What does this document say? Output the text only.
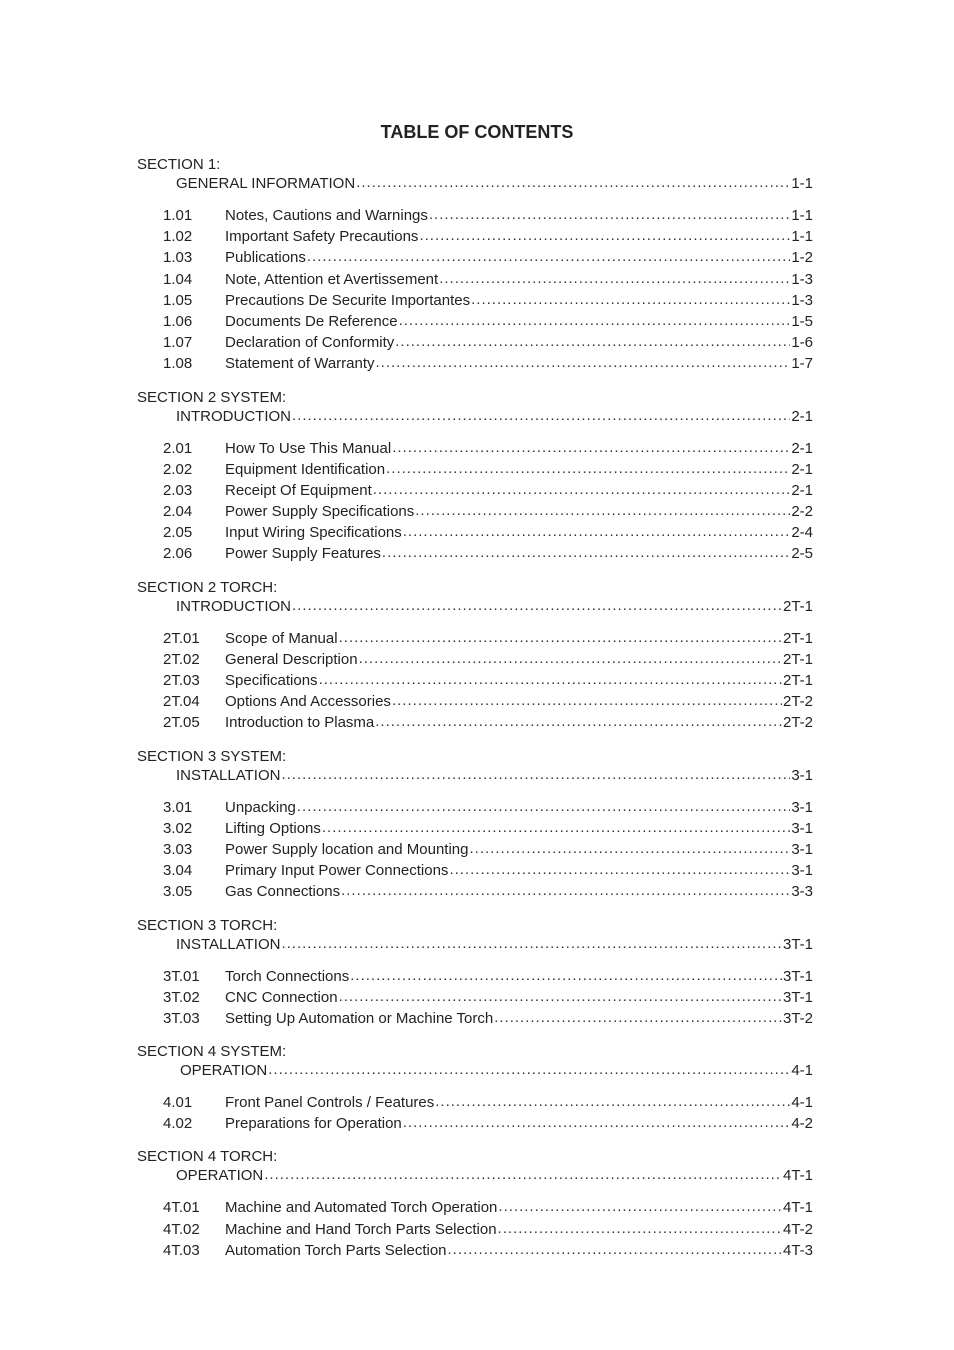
TABLE OF CONTENTS
SECTION 1:
GENERAL INFORMATION .....	1-1
1.01	Notes, Cautions and Warnings .....	1-1
1.02	Important Safety Precautions .....	1-1
1.03	Publications .....	1-2
1.04	Note, Attention et Avertissement .....	1-3
1.05	Precautions De Securite Importantes .....	1-3
1.06	Documents De Reference .....	1-5
1.07	Declaration of Conformity .....	1-6
1.08	Statement of Warranty .....	1-7
SECTION 2 SYSTEM:
INTRODUCTION .....	2-1
2.01	How To Use This Manual .....	2-1
2.02	Equipment Identification .....	2-1
2.03	Receipt Of Equipment .....	2-1
2.04	Power Supply Specifications .....	2-2
2.05	Input Wiring Specifications .....	2-4
2.06	Power Supply Features .....	2-5
SECTION 2 TORCH:
INTRODUCTION .....	2T-1
2T.01	Scope of Manual .....	2T-1
2T.02	General Description .....	2T-1
2T.03	Specifications .....	2T-1
2T.04	Options And Accessories .....	2T-2
2T.05	Introduction to Plasma .....	2T-2
SECTION 3 SYSTEM:
INSTALLATION .....	3-1
3.01	Unpacking .....	3-1
3.02	Lifting Options .....	3-1
3.03	Power Supply location and Mounting .....	3-1
3.04	Primary Input Power Connections .....	3-1
3.05	Gas Connections .....	3-3
SECTION 3 TORCH:
INSTALLATION .....	3T-1
3T.01	Torch Connections .....	3T-1
3T.02	CNC Connection .....	3T-1
3T.03	Setting Up Automation or Machine Torch .....	3T-2
SECTION 4 SYSTEM:
OPERATION .....	4-1
4.01	Front Panel Controls / Features .....	4-1
4.02	Preparations for Operation .....	4-2
SECTION 4 TORCH:
OPERATION .....	4T-1
4T.01	Machine and Automated Torch Operation .....	4T-1
4T.02	Machine and Hand Torch Parts Selection .....	4T-2
4T.03	Automation Torch Parts Selection .....	4T-3
